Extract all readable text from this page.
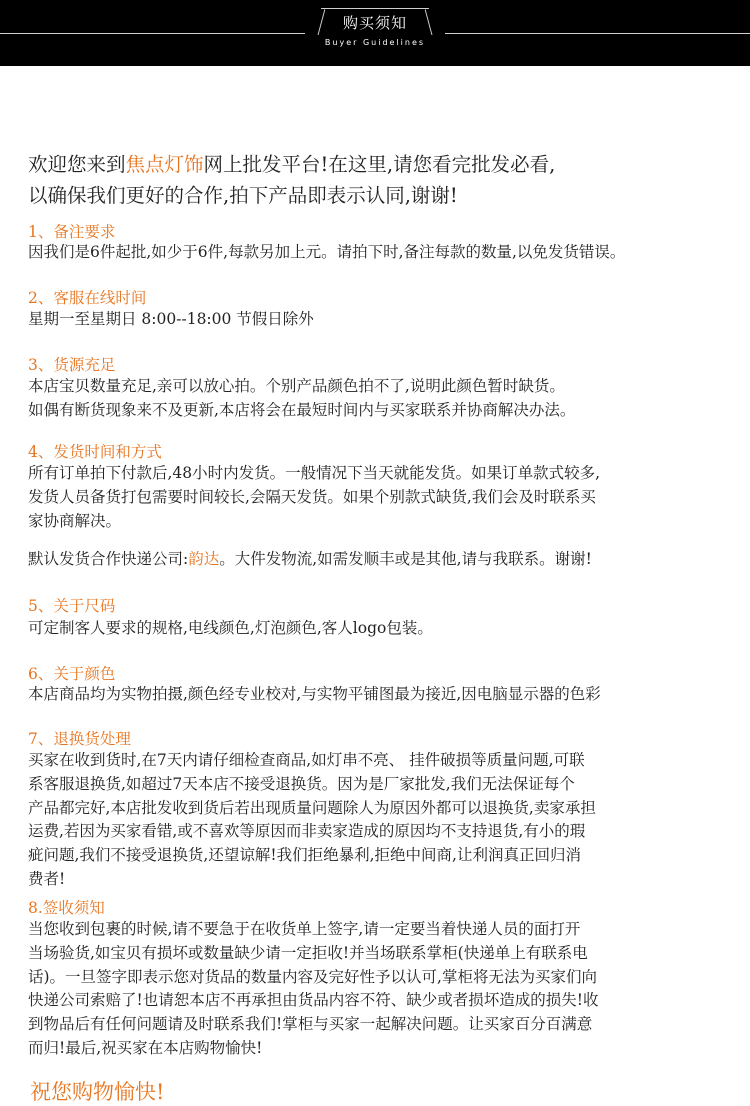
购买须知
Buyer Guidelines
欢迎您来到焦点灯饰网上批发平台!在这里,请您看完批发必看,
以确保我们更好的合作,拍下产品即表示认同,谢谢!
1、备注要求
因我们是6件起批,如少于6件,每款另加上元。请拍下时,备注每款的数量,以免发货错误。
2、客服在线时间
星期一至星期日 8:00--18:00 节假日除外
3、货源充足
本店宝贝数量充足,亲可以放心拍。个别产品颜色拍不了,说明此颜色暂时缺货。
如偶有断货现象来不及更新,本店将会在最短时间内与买家联系并协商解决办法。
4、发货时间和方式
所有订单拍下付款后,48小时内发货。一般情况下当天就能发货。如果订单款式较多,
发货人员备货打包需要时间较长,会隔天发货。如果个别款式缺货,我们会及时联系买
家协商解决。
默认发货合作快递公司:韵达。大件发物流,如需发顺丰或是其他,请与我联系。谢谢!
5、关于尺码
可定制客人要求的规格,电线颜色,灯泡颜色,客人logo包装。
6、关于颜色
本店商品均为实物拍摄,颜色经专业校对,与实物平铺图最为接近,因电脑显示器的色彩
7、退换货处理
买家在收到货时,在7天内请仔细检查商品,如灯串不亮、 挂件破损等质量问题,可联
系客服退换货,如超过7天本店不接受退换货。因为是厂家批发,我们无法保证每个
产品都完好,本店批发收到货后若出现质量问题除人为原因外都可以退换货,卖家承担
运费,若因为买家看错,或不喜欢等原因而非卖家造成的原因均不支持退货,有小的瑕
疵问题,我们不接受退换货,还望谅解!我们拒绝暴利,拒绝中间商,让利润真正回归消
费者!
8.签收须知
当您收到包裹的时候,请不要急于在收货单上签字,请一定要当着快递人员的面打开
当场验货,如宝贝有损坏或数量缺少请一定拒收!并当场联系掌柜(快递单上有联系电
话)。一旦签字即表示您对货品的数量内容及完好性予以认可,掌柜将无法为买家们向
快递公司索赔了!也请恕本店不再承担由货品内容不符、缺少或者损坏造成的损失!收
到物品后有任何问题请及时联系我们!掌柜与买家一起解决问题。让买家百分百满意
而归!最后,祝买家在本店购物愉快!
祝您购物愉快!
